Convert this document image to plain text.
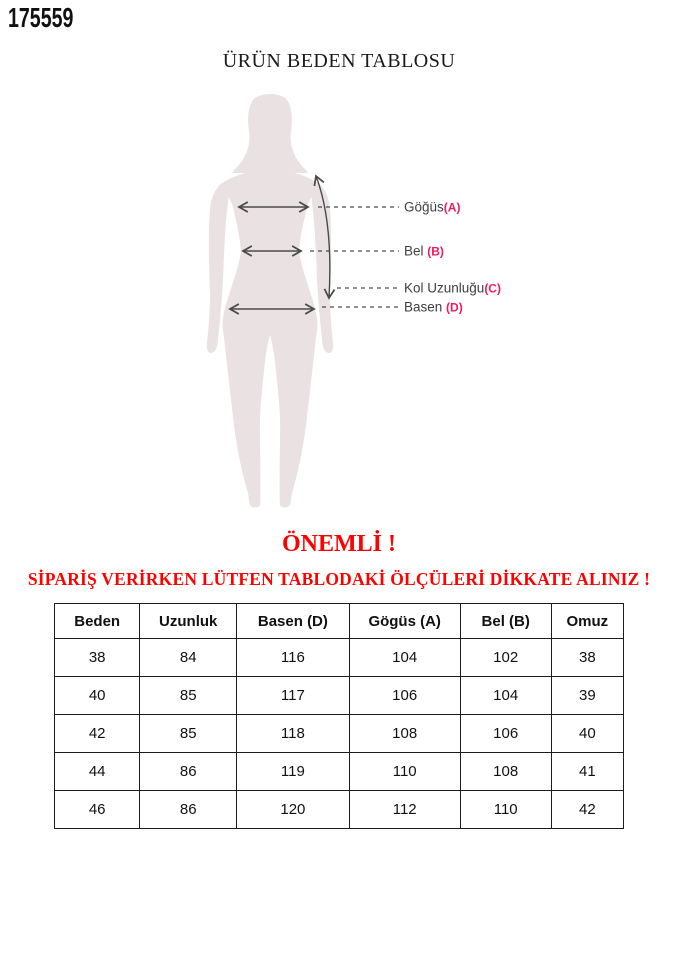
175559
ÜRÜN BEDEN TABLOSU
Göğüs(A)
Bel (B)
Kol Uzunluğu(C)
Basen (D)
ÖNEMLİ !
SİPARİŞ VERİRKEN LÜTFEN TABLODAKİ ÖLÇÜLERİ DİKKATE ALINIZ !
Beden	Uzunluk	Basen (D)	Gögüs (A)	Bel (B)	Omuz
38	84	116	104	102	38
40	85	117	106	104	39
42	85	118	108	106	40
44	86	119	110	108	41
46	86	120	112	110	42
